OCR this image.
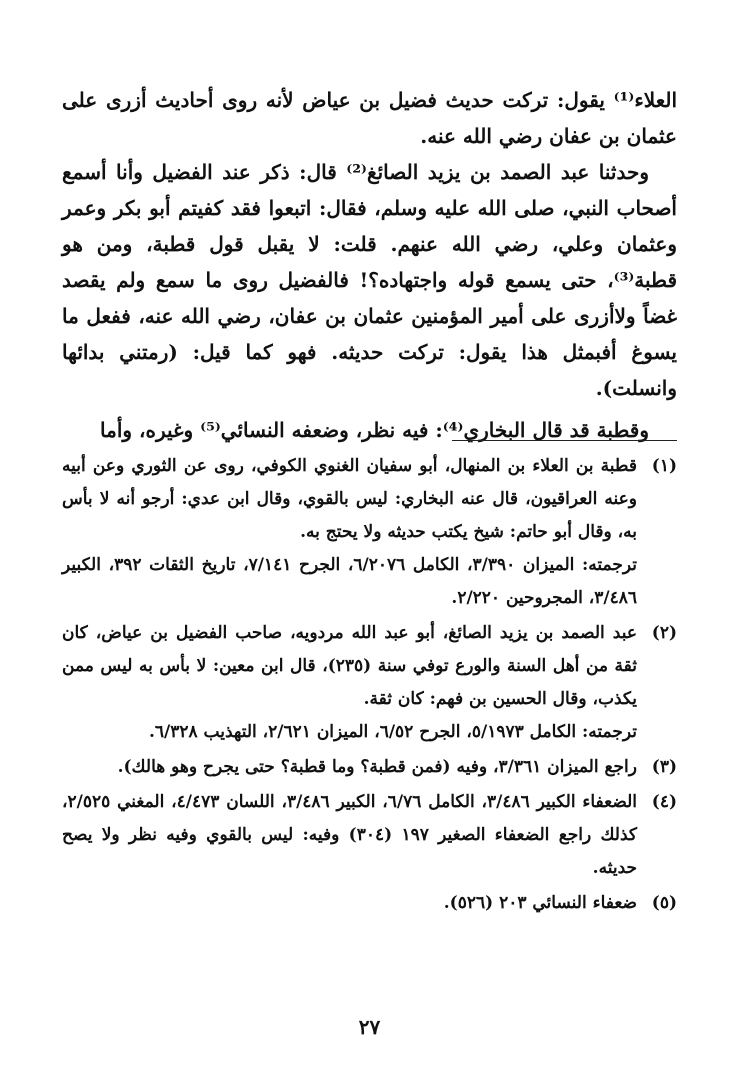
العلاء⁽¹⁾ يقول: تركت حديث فضيل بن عياض لأنه روى أحاديث أزرى على عثمان بن عفان رضي الله عنه.

وحدثنا عبد الصمد بن يزيد الصائغ⁽²⁾ قال: ذكر عند الفضيل وأنا أسمع أصحاب النبي، صلى الله عليه وسلم، فقال: اتبعوا فقد كفيتم أبو بكر وعمر وعثمان وعلي، رضي الله عنهم. قلت: لا يقبل قول قطبة، ومن هو قطبة⁽³⁾، حتى يسمع قوله واجتهاده؟! فالفضيل روى ما سمع ولم يقصد غضاً ولاأزرى على أمير المؤمنين عثمان بن عفان، رضي الله عنه، ففعل ما يسوغ أفبمثل هذا يقول: تركت حديثه. فهو كما قيل: (رمتني بدائها وانسلت).

وقطبة قد قال البخاري⁽⁴⁾: فيه نظر، وضعفه النسائي⁽⁵⁾ وغيره، وأما

(١)
قطبة بن العلاء بن المنهال، أبو سفيان الغنوي الكوفي، روى عن الثوري وعن أبيه وعنه العراقيون، قال عنه البخاري: ليس بالقوي، وقال ابن عدي: أرجو أنه لا بأس به، وقال أبو حاتم: شيخ يكتب حديثه ولا يحتج به.
ترجمته: الميزان ٣/٣٩٠، الكامل ٦/٢٠٧٦، الجرح ٧/١٤١، تاريخ الثقات ٣٩٢، الكبير ٣/٤٨٦، المجروحين ٢/٢٢٠.
(٢)
عبد الصمد بن يزيد الصائغ، أبو عبد الله مردويه، صاحب الفضيل بن عياض، كان ثقة من أهل السنة والورع توفي سنة (٢٣٥)، قال ابن معين: لا بأس به ليس ممن يكذب، وقال الحسين بن فهم: كان ثقة.
ترجمته: الكامل ٥/١٩٧٣، الجرح ٦/٥٢، الميزان ٢/٦٢١، التهذيب ٦/٣٢٨.
(٣)
راجع الميزان ٣/٣٦١، وفيه (فمن قطبة؟ وما قطبة؟ حتى يجرح وهو هالك).
(٤)
الضعفاء الكبير ٣/٤٨٦، الكامل ٦/٧٦، الكبير ٣/٤٨٦، اللسان ٤/٤٧٣، المغني ٢/٥٢٥، كذلك راجع الضعفاء الصغير ١٩٧ (٣٠٤) وفيه: ليس بالقوي وفيه نظر ولا يصح حديثه.
(٥)
ضعفاء النسائي ٢٠٣ (٥٢٦).
٢٧
